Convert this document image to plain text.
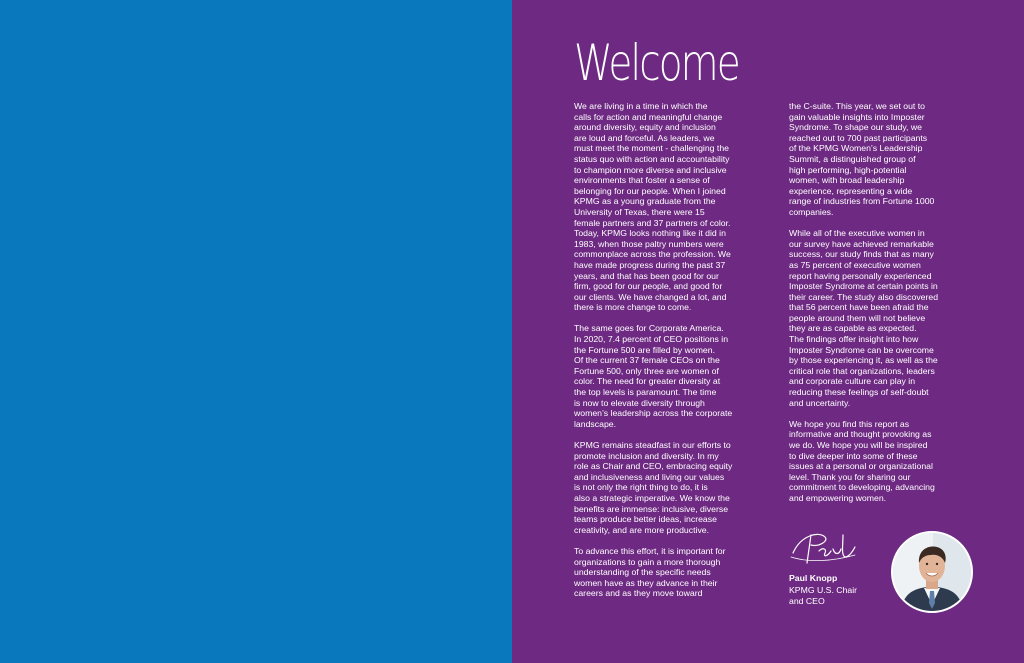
Welcome

We are living in a time in which the
calls for action and meaningful change
around diversity, equity and inclusion
are loud and forceful. As leaders, we
must meet the moment - challenging the
status quo with action and accountability
to champion more diverse and inclusive
environments that foster a sense of
belonging for our people. When I joined
KPMG as a young graduate from the
University of Texas, there were 15
female partners and 37 partners of color.
Today, KPMG looks nothing like it did in
1983, when those paltry numbers were
commonplace across the profession. We
have made progress during the past 37
years, and that has been good for our
firm, good for our people, and good for
our clients. We have changed a lot, and
there is more change to come.

The same goes for Corporate America.
In 2020, 7.4 percent of CEO positions in
the Fortune 500 are filled by women.
Of the current 37 female CEOs on the
Fortune 500, only three are women of
color. The need for greater diversity at
the top levels is paramount. The time
is now to elevate diversity through
women’s leadership across the corporate
landscape.

KPMG remains steadfast in our efforts to
promote inclusion and diversity. In my
role as Chair and CEO, embracing equity
and inclusiveness and living our values
is not only the right thing to do, it is
also a strategic imperative. We know the
benefits are immense: inclusive, diverse
teams produce better ideas, increase
creativity, and are more productive.

To advance this effort, it is important for
organizations to gain a more thorough
understanding of the specific needs
women have as they advance in their
careers and as they move toward

the C-suite. This year, we set out to
gain valuable insights into Imposter
Syndrome. To shape our study, we
reached out to 700 past participants
of the KPMG Women’s Leadership
Summit, a distinguished group of
high performing, high-potential
women, with broad leadership
experience, representing a wide
range of industries from Fortune 1000
companies.

While all of the executive women in
our survey have achieved remarkable
success, our study finds that as many
as 75 percent of executive women
report having personally experienced
Imposter Syndrome at certain points in
their career. The study also discovered
that 56 percent have been afraid the
people around them will not believe
they are as capable as expected.
The findings offer insight into how
Imposter Syndrome can be overcome
by those experiencing it, as well as the
critical role that organizations, leaders
and corporate culture can play in
reducing these feelings of self-doubt
and uncertainty.

We hope you find this report as
informative and thought provoking as
we do. We hope you will be inspired
to dive deeper into some of these
issues at a personal or organizational
level. Thank you for sharing our
commitment to developing, advancing
and empowering women.

Paul Knopp
KPMG U.S. Chair
and CEO
